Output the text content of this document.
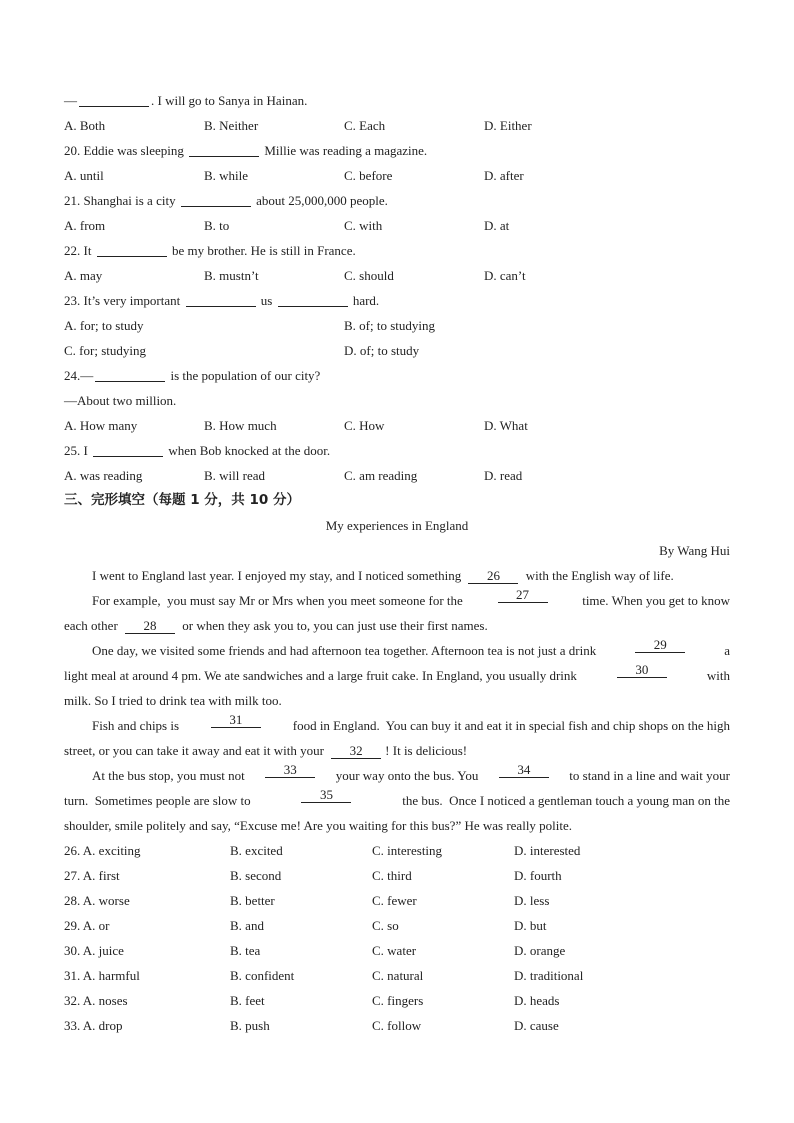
—	. I will go to Sanya in Hainan.
A. Both	B. Neither	C. Each	D. Either
20. Eddie was sleeping	Millie was reading a magazine.
A. until	B. while	C. before	D. after
21. Shanghai is a city	about 25,000,000 people.
A. from	B. to	C. with	D. at
22. It	be my brother. He is still in France.
A. may	B. mustn’t	C. should	D. can’t
23. It’s very important	us	hard.
A. for; to study	B. of; to studying
C. for; studying	D. of; to study
24.—	is the population of our city?
—About two million.
A. How many	B. How much	C. How	D. What
25. I	when Bob knocked at the door.
A. was reading	B. will read	C. am reading	D. read
三、完形填空（每题 1 分，共 10 分）
My experiences in England
By Wang Hui
I went to England last year. I enjoyed my stay, and I noticed something 26 with the English way of life.
For example,  you must say Mr or Mrs when you meet someone for the	27	time. When you get to know
each other 28 or when they ask you to, you can just use their first names.
One day, we visited some friends and had afternoon tea together. Afternoon tea is not just a drink	29	a
light meal at around 4 pm. We ate sandwiches and a large fruit cake. In England, you usually drink	30	with
milk. So I tried to drink tea with milk too.
Fish and chips is	31	food in England.  You can buy it and eat it in special fish and chip shops on the high
street, or you can take it away and eat it with your 32 ! It is delicious!
At the bus stop, you must not	33	your way onto the bus. You	34	to stand in a line and wait your
turn.  Sometimes people are slow to	35	the bus.  Once I noticed a gentleman touch a young man on the
shoulder, smile politely and say, “Excuse me! Are you waiting for this bus?” He was really polite.
26. A. exciting	B. excited	C. interesting	D. interested
27. A. first	B. second	C. third	D. fourth
28. A. worse	B. better	C. fewer	D. less
29. A. or	B. and	C. so	D. but
30. A. juice	B. tea	C. water	D. orange
31. A. harmful	B. confident	C. natural	D. traditional
32. A. noses	B. feet	C. fingers	D. heads
33. A. drop	B. push	C. follow	D. cause
